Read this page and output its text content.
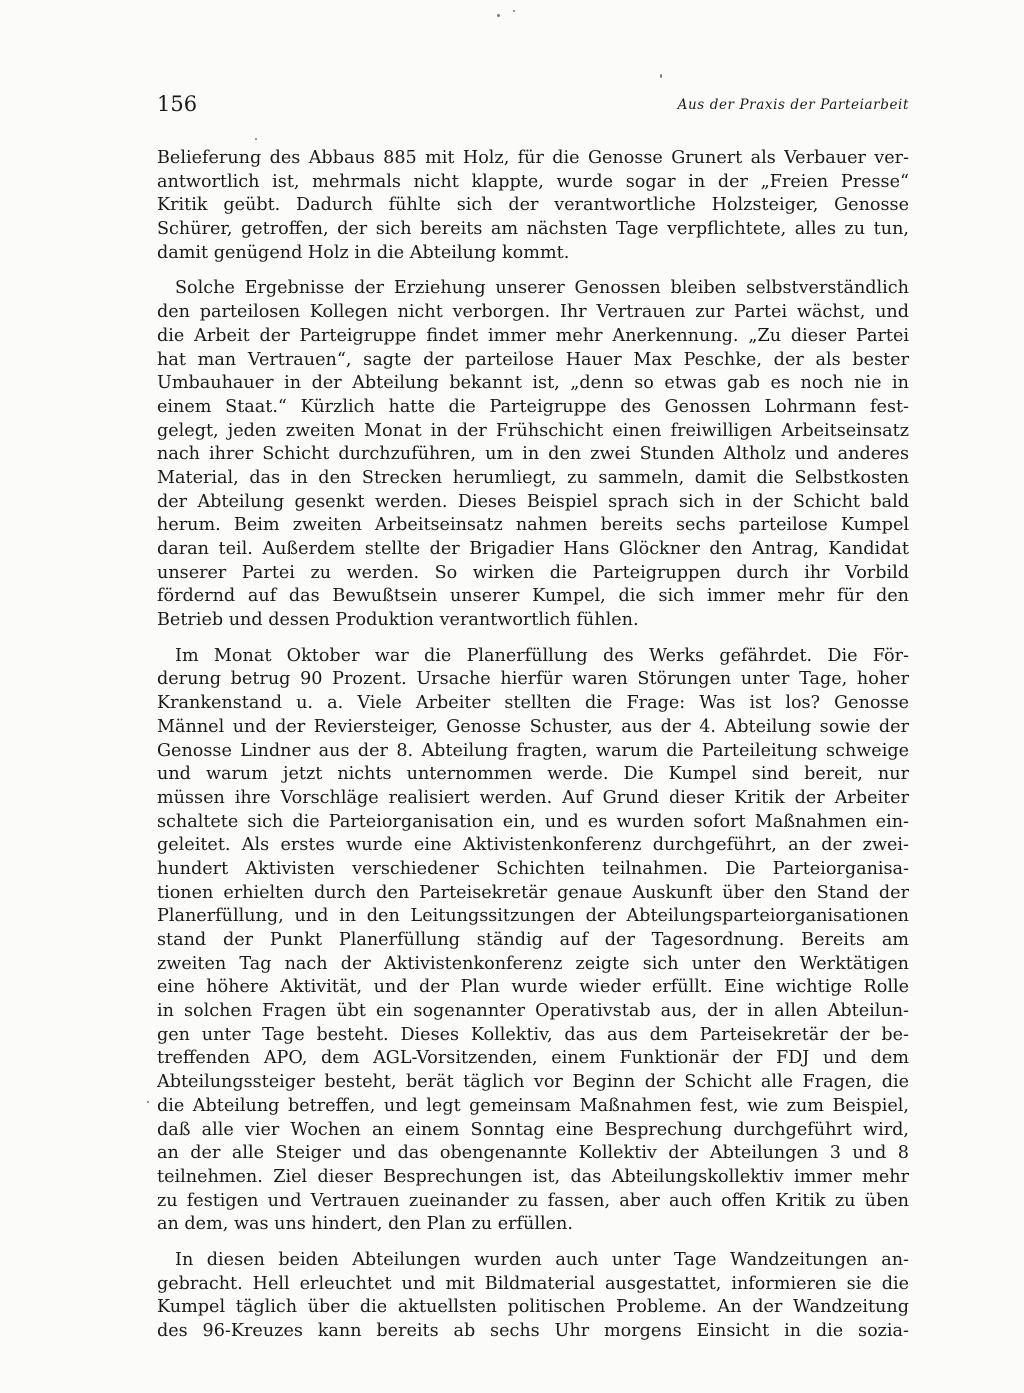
156	Aus der Praxis der Parteiarbeit

Belieferung des Abbaus 885 mit Holz, für die Genosse Grunert als Verbauer ver-
antwortlich ist, mehrmals nicht klappte, wurde sogar in der „Freien Presse“
Kritik geübt. Dadurch fühlte sich der verantwortliche Holzsteiger, Genosse
Schürer, getroffen, der sich bereits am nächsten Tage verpflichtete, alles zu tun,
damit genügend Holz in die Abteilung kommt.

Solche Ergebnisse der Erziehung unserer Genossen bleiben selbstverständlich
den parteilosen Kollegen nicht verborgen. Ihr Vertrauen zur Partei wächst, und
die Arbeit der Parteigruppe findet immer mehr Anerkennung. „Zu dieser Partei
hat man Vertrauen“, sagte der parteilose Hauer Max Peschke, der als bester
Umbauhauer in der Abteilung bekannt ist, „denn so etwas gab es noch nie in
einem Staat.“ Kürzlich hatte die Parteigruppe des Genossen Lohrmann fest-
gelegt, jeden zweiten Monat in der Frühschicht einen freiwilligen Arbeitseinsatz
nach ihrer Schicht durchzuführen, um in den zwei Stunden Altholz und anderes
Material, das in den Strecken herumliegt, zu sammeln, damit die Selbstkosten
der Abteilung gesenkt werden. Dieses Beispiel sprach sich in der Schicht bald
herum. Beim zweiten Arbeitseinsatz nahmen bereits sechs parteilose Kumpel
daran teil. Außerdem stellte der Brigadier Hans Glöckner den Antrag, Kandidat
unserer Partei zu werden. So wirken die Parteigruppen durch ihr Vorbild
fördernd auf das Bewußtsein unserer Kumpel, die sich immer mehr für den
Betrieb und dessen Produktion verantwortlich fühlen.

Im Monat Oktober war die Planerfüllung des Werks gefährdet. Die För-
derung betrug 90 Prozent. Ursache hierfür waren Störungen unter Tage, hoher
Krankenstand u. a. Viele Arbeiter stellten die Frage: Was ist los? Genosse
Männel und der Reviersteiger, Genosse Schuster, aus der 4. Abteilung sowie der
Genosse Lindner aus der 8. Abteilung fragten, warum die Parteileitung schweige
und warum jetzt nichts unternommen werde. Die Kumpel sind bereit, nur
müssen ihre Vorschläge realisiert werden. Auf Grund dieser Kritik der Arbeiter
schaltete sich die Parteiorganisation ein, und es wurden sofort Maßnahmen ein-
geleitet. Als erstes wurde eine Aktivistenkonferenz durchgeführt, an der zwei-
hundert Aktivisten verschiedener Schichten teilnahmen. Die Parteiorganisa-
tionen erhielten durch den Parteisekretär genaue Auskunft über den Stand der
Planerfüllung, und in den Leitungssitzungen der Abteilungsparteiorganisationen
stand der Punkt Planerfüllung ständig auf der Tagesordnung. Bereits am
zweiten Tag nach der Aktivistenkonferenz zeigte sich unter den Werktätigen
eine höhere Aktivität, und der Plan wurde wieder erfüllt. Eine wichtige Rolle
in solchen Fragen übt ein sogenannter Operativstab aus, der in allen Abteilun-
gen unter Tage besteht. Dieses Kollektiv, das aus dem Parteisekretär der be-
treffenden APO, dem AGL-Vorsitzenden, einem Funktionär der FDJ und dem
Abteilungssteiger besteht, berät täglich vor Beginn der Schicht alle Fragen, die
die Abteilung betreffen, und legt gemeinsam Maßnahmen fest, wie zum Beispiel,
daß alle vier Wochen an einem Sonntag eine Besprechung durchgeführt wird,
an der alle Steiger und das obengenannte Kollektiv der Abteilungen 3 und 8
teilnehmen. Ziel dieser Besprechungen ist, das Abteilungskollektiv immer mehr
zu festigen und Vertrauen zueinander zu fassen, aber auch offen Kritik zu üben
an dem, was uns hindert, den Plan zu erfüllen.

In diesen beiden Abteilungen wurden auch unter Tage Wandzeitungen an-
gebracht. Hell erleuchtet und mit Bildmaterial ausgestattet, informieren sie die
Kumpel täglich über die aktuellsten politischen Probleme. An der Wandzeitung
des 96-Kreuzes kann bereits ab sechs Uhr morgens Einsicht in die sozia-
